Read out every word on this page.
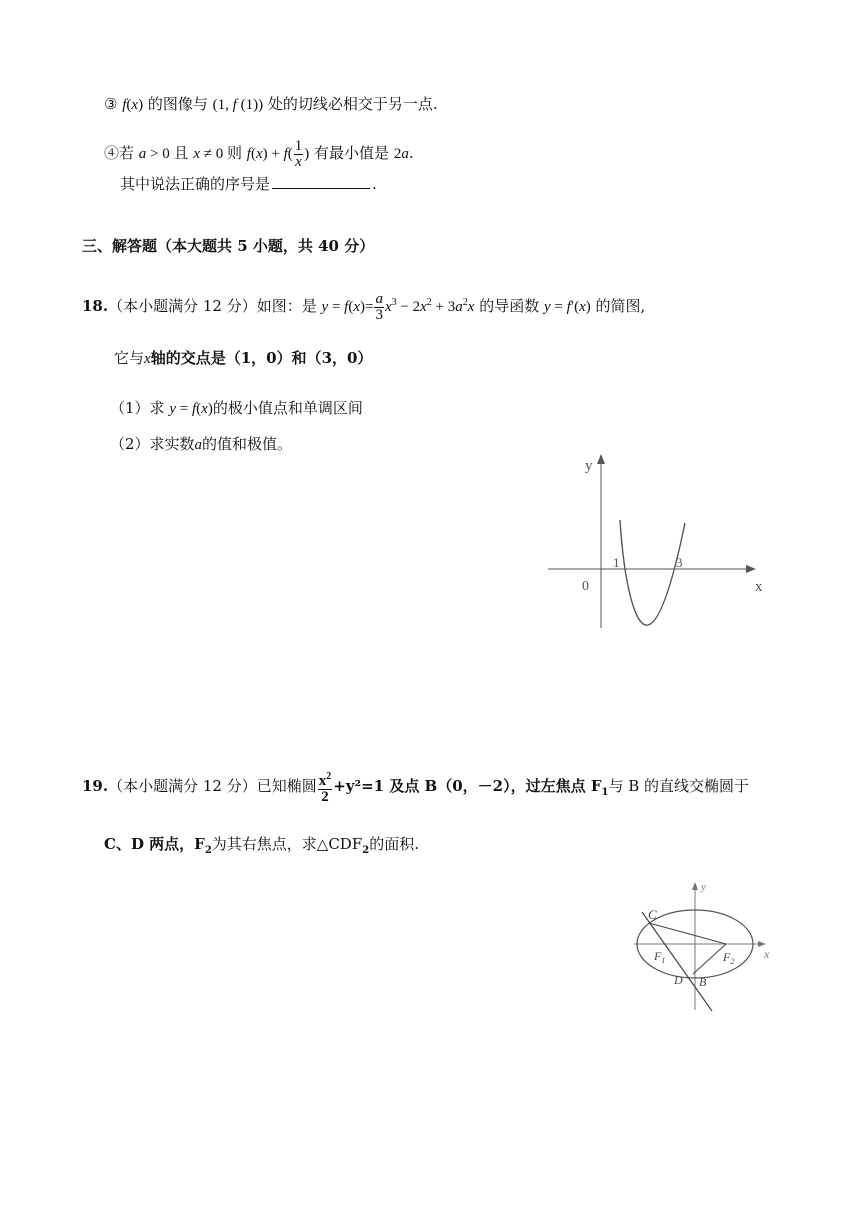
③ f(x) 的图像与 (1, f (1)) 处的切线必相交于另一点.
④若 a > 0 且 x ≠ 0 则 $f(x) + f( \frac{1}{x}$ ) 有最小值是 2a.
其中说法正确的序号是	.
三、解答题（本大题共 5 小题，共 40 分）
18.（本小题满分 12 分）如图：是 $y = f(x)= \frac{a}{3} x^3 - 2x^2 + 3a^2x$ 的导函数 y = f′(x) 的简图,
它与x轴的交点是（1，0）和（3，0）
（1）求 y = f(x)的极小值点和单调区间
（2）求实数a的值和极值。
y
x
0
1	3
19.（本小题满分 12 分）已知椭圆 $\frac{x^2}{2} +y^2=1$ 及点 B（0，－2），过左焦点 $F_1$与 B 的直线交椭圆于
C、D 两点，$F_2$为其右焦点，求$\triangle CDF_2$的面积.
C
$F_1$	$F_2$
D B
x
y
